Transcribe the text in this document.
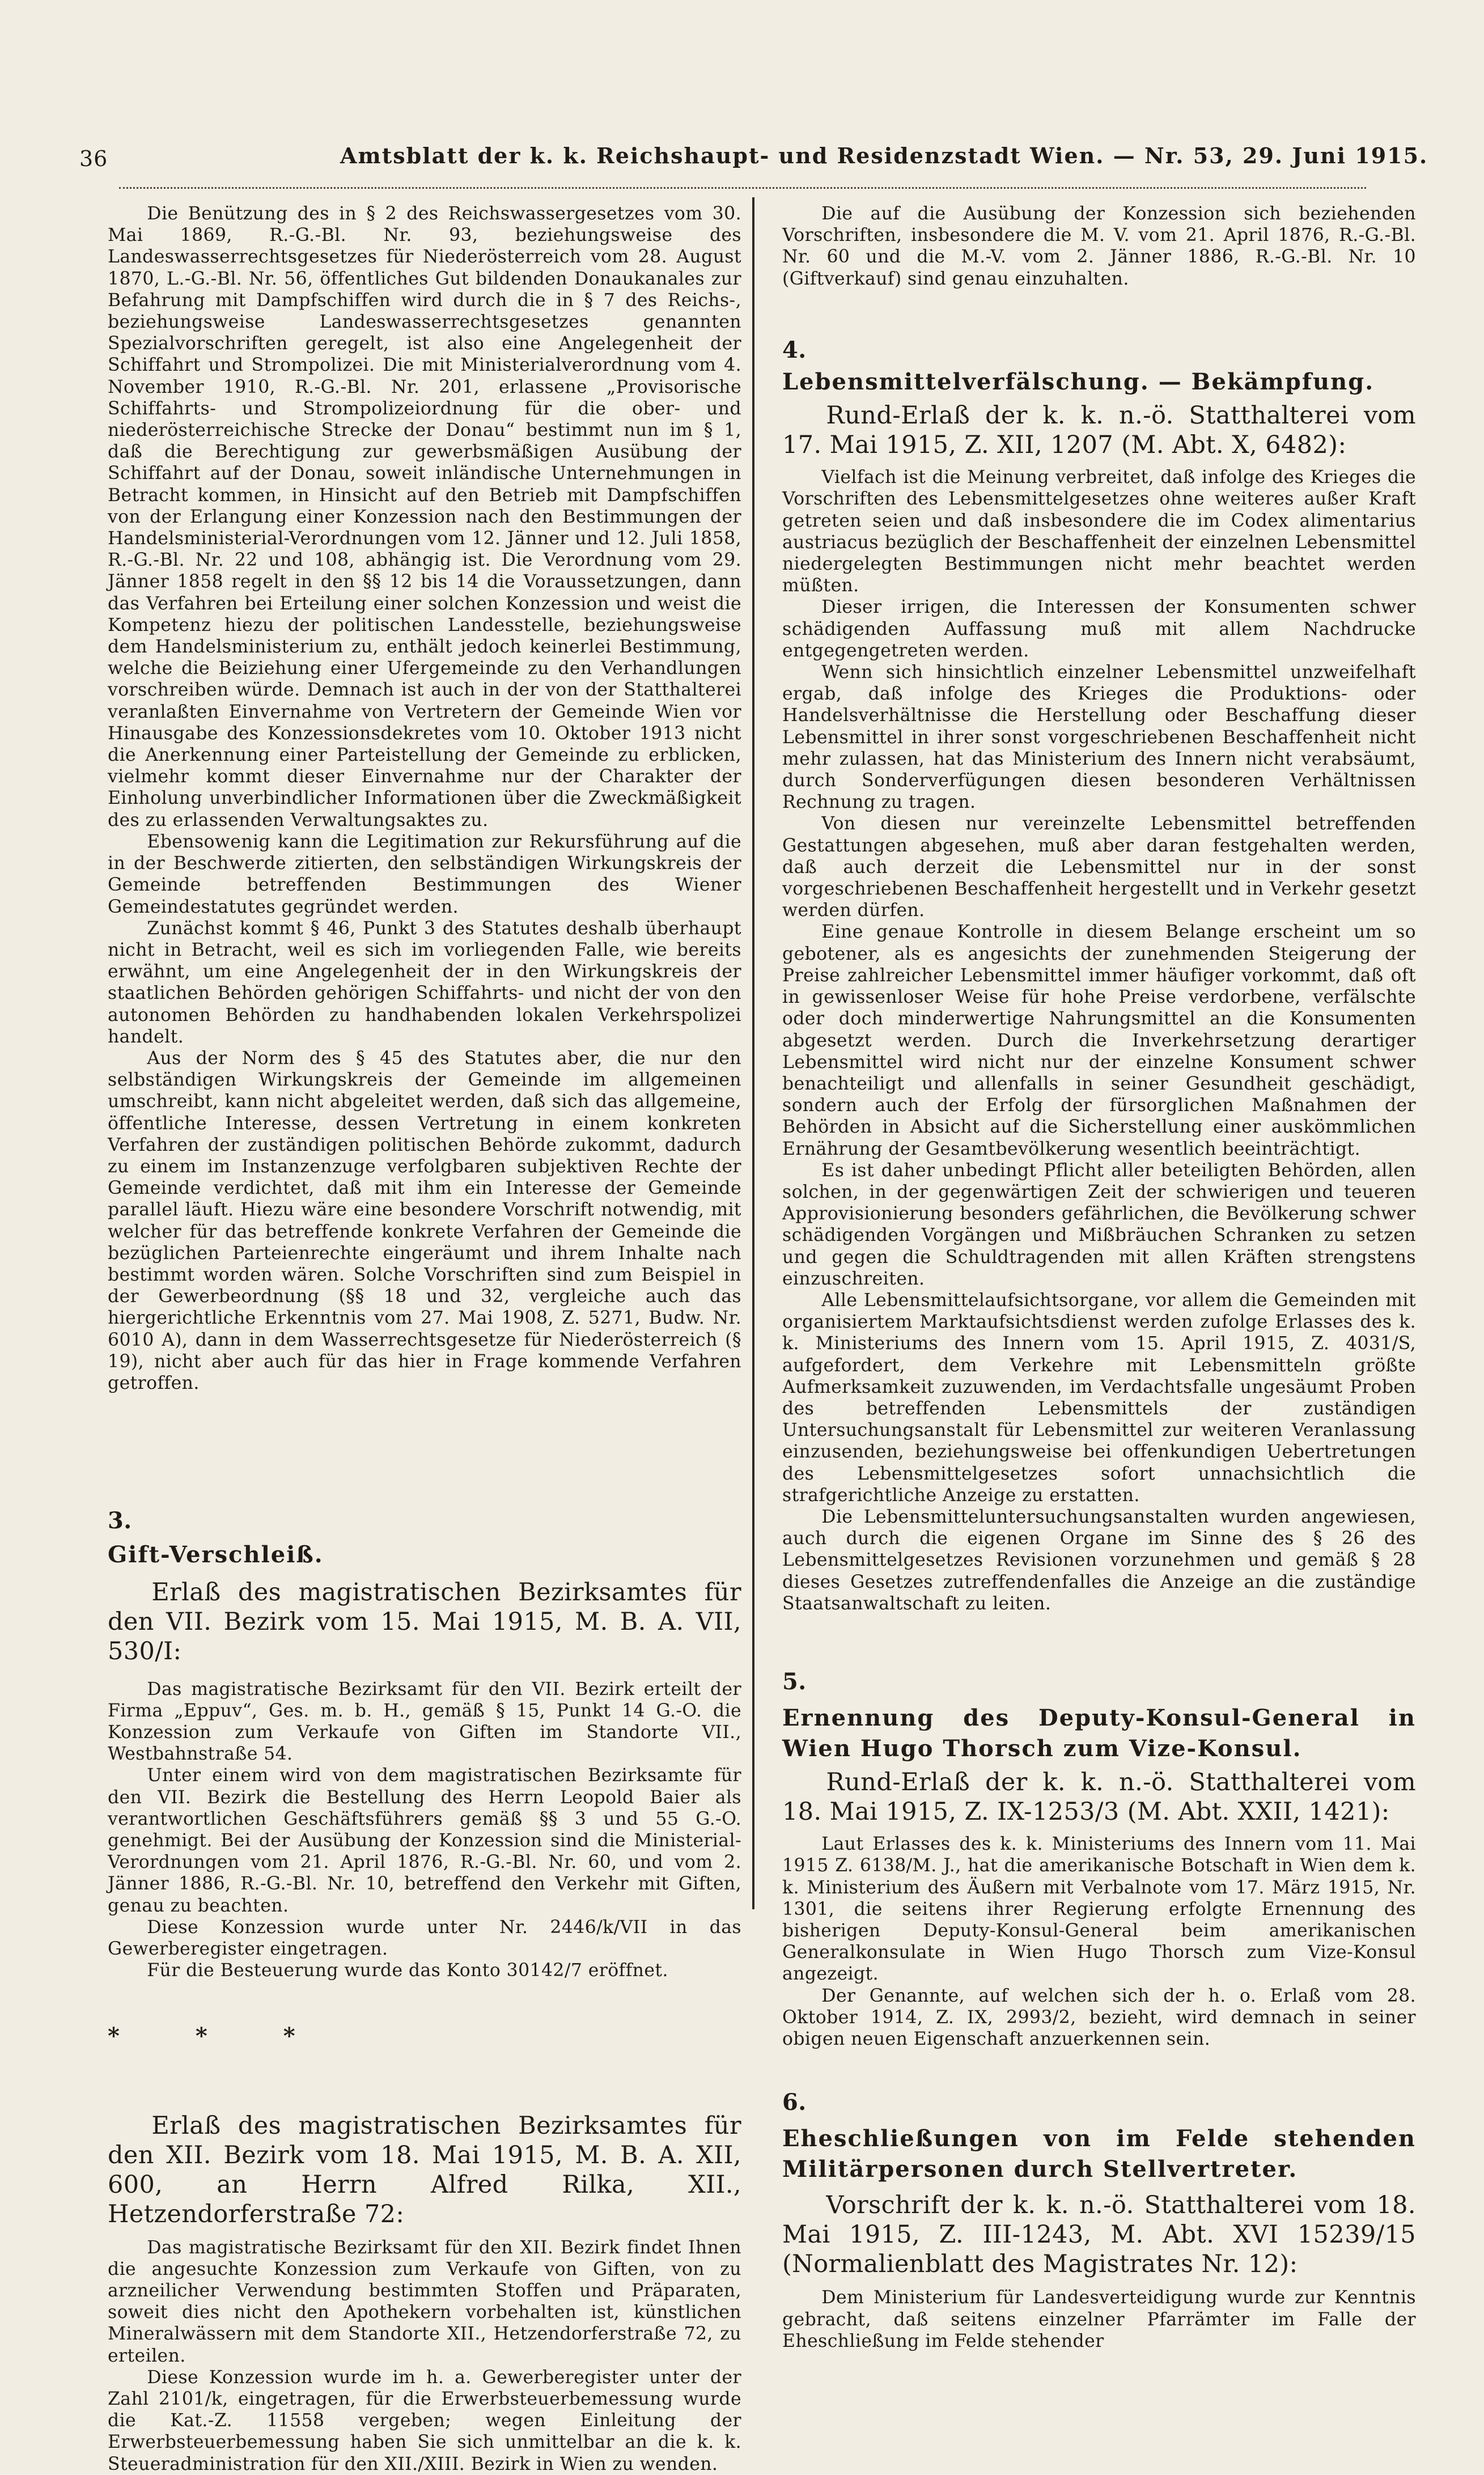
36	Amtsblatt der k. k. Reichshaupt- und Residenzstadt Wien. — Nr. 53, 29. Juni 1915.

Die Benützung des in § 2 des Reichswassergesetzes vom 30. Mai 1869, R.-G.-Bl. Nr. 93, beziehungsweise des Landeswasserrechtsgesetzes für Niederösterreich vom 28. August 1870, L.-G.-Bl. Nr. 56, öffentliches Gut bildenden Donaukanales zur Befahrung mit Dampfschiffen wird durch die in § 7 des Reichs-, beziehungsweise Landeswasserrechtsgesetzes genannten Spezialvorschriften geregelt, ist also eine Angelegenheit der Schiffahrt und Strompolizei. Die mit Ministerialverordnung vom 4. November 1910, R.-G.-Bl. Nr. 201, erlassene „Provisorische Schiffahrts- und Strompolizeiordnung für die ober- und niederösterreichische Strecke der Donau“ bestimmt nun im § 1, daß die Berechtigung zur gewerbsmäßigen Ausübung der Schiffahrt auf der Donau, soweit inländische Unternehmungen in Betracht kommen, in Hinsicht auf den Betrieb mit Dampfschiffen von der Erlangung einer Konzession nach den Bestimmungen der Handelsministerial-Verordnungen vom 12. Jänner und 12. Juli 1858, R.-G.-Bl. Nr. 22 und 108, abhängig ist. Die Verordnung vom 29. Jänner 1858 regelt in den §§ 12 bis 14 die Voraussetzungen, dann das Verfahren bei Erteilung einer solchen Konzession und weist die Kompetenz hiezu der politischen Landesstelle, beziehungsweise dem Handelsministerium zu, enthält jedoch keinerlei Bestimmung, welche die Beiziehung einer Ufergemeinde zu den Verhandlungen vorschreiben würde. Demnach ist auch in der von der Statthalterei veranlaßten Einvernahme von Vertretern der Gemeinde Wien vor Hinausgabe des Konzessionsdekretes vom 10. Oktober 1913 nicht die Anerkennung einer Parteistellung der Gemeinde zu erblicken, vielmehr kommt dieser Einvernahme nur der Charakter der Einholung unverbindlicher Informationen über die Zweckmäßigkeit des zu erlassenden Verwaltungsaktes zu.

Ebensowenig kann die Legitimation zur Rekursführung auf die in der Beschwerde zitierten, den selbständigen Wirkungskreis der Gemeinde betreffenden Bestimmungen des Wiener Gemeindestatutes gegründet werden.

Zunächst kommt § 46, Punkt 3 des Statutes deshalb überhaupt nicht in Betracht, weil es sich im vorliegenden Falle, wie bereits erwähnt, um eine Angelegenheit der in den Wirkungskreis der staatlichen Behörden gehörigen Schiffahrts- und nicht der von den autonomen Behörden zu handhabenden lokalen Verkehrspolizei handelt.

Aus der Norm des § 45 des Statutes aber, die nur den selbständigen Wirkungskreis der Gemeinde im allgemeinen umschreibt, kann nicht abgeleitet werden, daß sich das allgemeine, öffentliche Interesse, dessen Vertretung in einem konkreten Verfahren der zuständigen politischen Behörde zukommt, dadurch zu einem im Instanzenzuge verfolgbaren subjektiven Rechte der Gemeinde verdichtet, daß mit ihm ein Interesse der Gemeinde parallel läuft. Hiezu wäre eine besondere Vorschrift notwendig, mit welcher für das betreffende konkrete Verfahren der Gemeinde die bezüglichen Parteienrechte eingeräumt und ihrem Inhalte nach bestimmt worden wären. Solche Vorschriften sind zum Beispiel in der Gewerbeordnung (§§ 18 und 32, vergleiche auch das hiergerichtliche Erkenntnis vom 27. Mai 1908, Z. 5271, Budw. Nr. 6010 A), dann in dem Wasserrechtsgesetze für Niederösterreich (§ 19), nicht aber auch für das hier in Frage kommende Verfahren getroffen.

3.

Gift-Verschleiß.

Erlaß des magistratischen Bezirksamtes für den VII. Bezirk vom 15. Mai 1915, M. B. A. VII, 530/I:

Das magistratische Bezirksamt für den VII. Bezirk erteilt der Firma „Eppuv“, Ges. m. b. H., gemäß § 15, Punkt 14 G.-O. die Konzession zum Verkaufe von Giften im Standorte VII., Westbahnstraße 54.

Unter einem wird von dem magistratischen Bezirksamte für den VII. Bezirk die Bestellung des Herrn Leopold Baier als verantwortlichen Geschäftsführers gemäß §§ 3 und 55 G.-O. genehmigt. Bei der Ausübung der Konzession sind die Ministerial-Verordnungen vom 21. April 1876, R.-G.-Bl. Nr. 60, und vom 2. Jänner 1886, R.-G.-Bl. Nr. 10, betreffend den Verkehr mit Giften, genau zu beachten.

Diese Konzession wurde unter Nr. 2446/k/VII in das Gewerberegister eingetragen.

Für die Besteuerung wurde das Konto 30142/7 eröffnet.

* * *

Erlaß des magistratischen Bezirksamtes für den XII. Bezirk vom 18. Mai 1915, M. B. A. XII, 600, an Herrn Alfred Rilka, XII., Hetzendorferstraße 72:

Das magistratische Bezirksamt für den XII. Bezirk findet Ihnen die angesuchte Konzession zum Verkaufe von Giften, von zu arzneilicher Verwendung bestimmten Stoffen und Präparaten, soweit dies nicht den Apothekern vorbehalten ist, künstlichen Mineralwässern mit dem Standorte XII., Hetzendorferstraße 72, zu erteilen.

Diese Konzession wurde im h. a. Gewerberegister unter der Zahl 2101/k, eingetragen, für die Erwerbsteuerbemessung wurde die Kat.-Z. 11558 vergeben; wegen Einleitung der Erwerbsteuerbemessung haben Sie sich unmittelbar an die k. k. Steueradministration für den XII./XIII. Bezirk in Wien zu wenden.

Die auf die Ausübung der Konzession sich beziehenden Vorschriften, insbesondere die M. V. vom 21. April 1876, R.-G.-Bl. Nr. 60 und die M.-V. vom 2. Jänner 1886, R.-G.-Bl. Nr. 10 (Giftverkauf) sind genau einzuhalten.

4.

Lebensmittelverfälschung. — Bekämpfung.

Rund-Erlaß der k. k. n.-ö. Statthalterei vom 17. Mai 1915, Z. XII, 1207 (M. Abt. X, 6482):

Vielfach ist die Meinung verbreitet, daß infolge des Krieges die Vorschriften des Lebensmittelgesetzes ohne weiteres außer Kraft getreten seien und daß insbesondere die im Codex alimentarius austriacus bezüglich der Beschaffenheit der einzelnen Lebensmittel niedergelegten Bestimmungen nicht mehr beachtet werden müßten.

Dieser irrigen, die Interessen der Konsumenten schwer schädigenden Auffassung muß mit allem Nachdrucke entgegengetreten werden.

Wenn sich hinsichtlich einzelner Lebensmittel unzweifelhaft ergab, daß infolge des Krieges die Produktions- oder Handelsverhältnisse die Herstellung oder Beschaffung dieser Lebensmittel in ihrer sonst vorgeschriebenen Beschaffenheit nicht mehr zulassen, hat das Ministerium des Innern nicht verabsäumt, durch Sonderverfügungen diesen besonderen Verhältnissen Rechnung zu tragen.

Von diesen nur vereinzelte Lebensmittel betreffenden Gestattungen abgesehen, muß aber daran festgehalten werden, daß auch derzeit die Lebensmittel nur in der sonst vorgeschriebenen Beschaffenheit hergestellt und in Verkehr gesetzt werden dürfen.

Eine genaue Kontrolle in diesem Belange erscheint um so gebotener, als es angesichts der zunehmenden Steigerung der Preise zahlreicher Lebensmittel immer häufiger vorkommt, daß oft in gewissenloser Weise für hohe Preise verdorbene, verfälschte oder doch minderwertige Nahrungsmittel an die Konsumenten abgesetzt werden. Durch die Inverkehrsetzung derartiger Lebensmittel wird nicht nur der einzelne Konsument schwer benachteiligt und allenfalls in seiner Gesundheit geschädigt, sondern auch der Erfolg der fürsorglichen Maßnahmen der Behörden in Absicht auf die Sicherstellung einer auskömmlichen Ernährung der Gesamtbevölkerung wesentlich beeinträchtigt.

Es ist daher unbedingt Pflicht aller beteiligten Behörden, allen solchen, in der gegenwärtigen Zeit der schwierigen und teueren Approvisionierung besonders gefährlichen, die Bevölkerung schwer schädigenden Vorgängen und Mißbräuchen Schranken zu setzen und gegen die Schuldtragenden mit allen Kräften strengstens einzuschreiten.

Alle Lebensmittelaufsichtsorgane, vor allem die Gemeinden mit organisiertem Marktaufsichtsdienst werden zufolge Erlasses des k. k. Ministeriums des Innern vom 15. April 1915, Z. 4031/S, aufgefordert, dem Verkehre mit Lebensmitteln größte Aufmerksamkeit zuzuwenden, im Verdachtsfalle ungesäumt Proben des betreffenden Lebensmittels der zuständigen Untersuchungsanstalt für Lebensmittel zur weiteren Veranlassung einzusenden, beziehungsweise bei offenkundigen Uebertretungen des Lebensmittelgesetzes sofort unnachsichtlich die strafgerichtliche Anzeige zu erstatten.

Die Lebensmitteluntersuchungsanstalten wurden angewiesen, auch durch die eigenen Organe im Sinne des § 26 des Lebensmittelgesetzes Revisionen vorzunehmen und gemäß § 28 dieses Gesetzes zutreffendenfalles die Anzeige an die zuständige Staatsanwaltschaft zu leiten.

5.

Ernennung des Deputy-Konsul-General in Wien Hugo Thorsch zum Vize-Konsul.

Rund-Erlaß der k. k. n.-ö. Statthalterei vom 18. Mai 1915, Z. IX-1253/3 (M. Abt. XXII, 1421):

Laut Erlasses des k. k. Ministeriums des Innern vom 11. Mai 1915 Z. 6138/M. J., hat die amerikanische Botschaft in Wien dem k. k. Ministerium des Äußern mit Verbalnote vom 17. März 1915, Nr. 1301, die seitens ihrer Regierung erfolgte Ernennung des bisherigen Deputy-Konsul-General beim amerikanischen Generalkonsulate in Wien Hugo Thorsch zum Vize-Konsul angezeigt.

Der Genannte, auf welchen sich der h. o. Erlaß vom 28. Oktober 1914, Z. IX, 2993/2, bezieht, wird demnach in seiner obigen neuen Eigenschaft anzuerkennen sein.

6.

Eheschließungen von im Felde stehenden Militärpersonen durch Stellvertreter.

Vorschrift der k. k. n.-ö. Statthalterei vom 18. Mai 1915, Z. III-1243, M. Abt. XVI 15239/15 (Normalienblatt des Magistrates Nr. 12):

Dem Ministerium für Landesverteidigung wurde zur Kenntnis gebracht, daß seitens einzelner Pfarrämter im Falle der Eheschließung im Felde stehender
